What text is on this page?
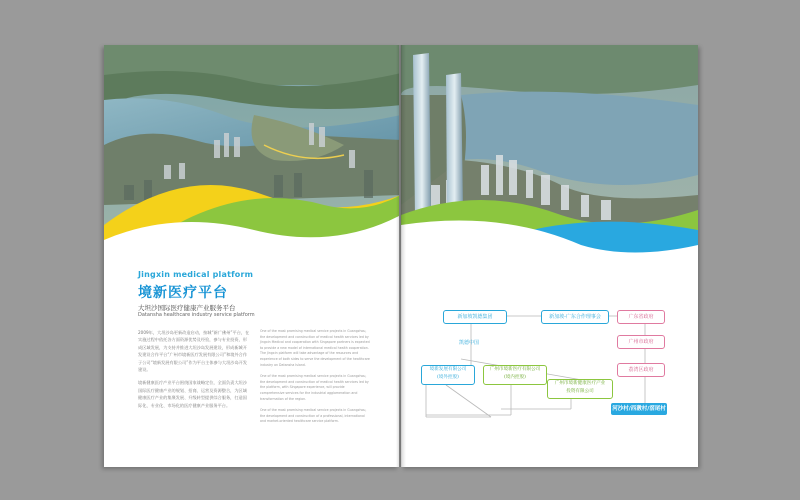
Jingxin medical platform
境新医疗平台
大坦沙国际医疗健康产业服务平台
Datansha healthcare industry service platform

2009年，大坦沙岛更新改造启动，按城“新广佛州”平台，在实施过程中依托各方面资源优势及经验，参与专业投资，形成区域发展，为支持并推进大坦沙岛发展建设，形成新城开发建设合作平台“广州市境新医疗发展有限公司”和境外合作子公司“境新发展有限公司”作为平台主体参与大坦沙岛开发建设。

境新健康医疗产业平台围绕国家战略定位，全面负责大坦沙国际医疗健康产业的规划、招商、运营及资源整合，为区域健康医疗产业的集聚发展、升级转型提供综合服务，打造国际化、专业化、市场化的医疗健康产业服务平台。

One of the most promising medical service projects in Guangzhou, the development and construction of medical health services led by Jingxin Medical and cooperation with Singapore partners is expected to provide a new model of international medical health cooperation. The Jingxin platform will take advantage of the resources and experience of both sides to serve the development of the healthcare industry on Datansha Island.

One of the most promising medical service projects in Guangzhou, the development and construction of medical health services led by the platform, with Singapore experience, will provide comprehensive services for the industrial agglomeration and transformation of the region.

One of the most promising medical service projects in Guangzhou, the development and construction of a professional, international and market-oriented healthcare service platform.

新加坡凯德集团	新加坡-广东合作理事会	广东省政府
凯德中国	广州市政府
荔湾区政府
境新发展有限公司
(境外控股)
广州市境新医疗有限公司
(境内控股)
广州市境新健康医疗产业
投资有限公司
河沙村/西漖村/滘尾村
